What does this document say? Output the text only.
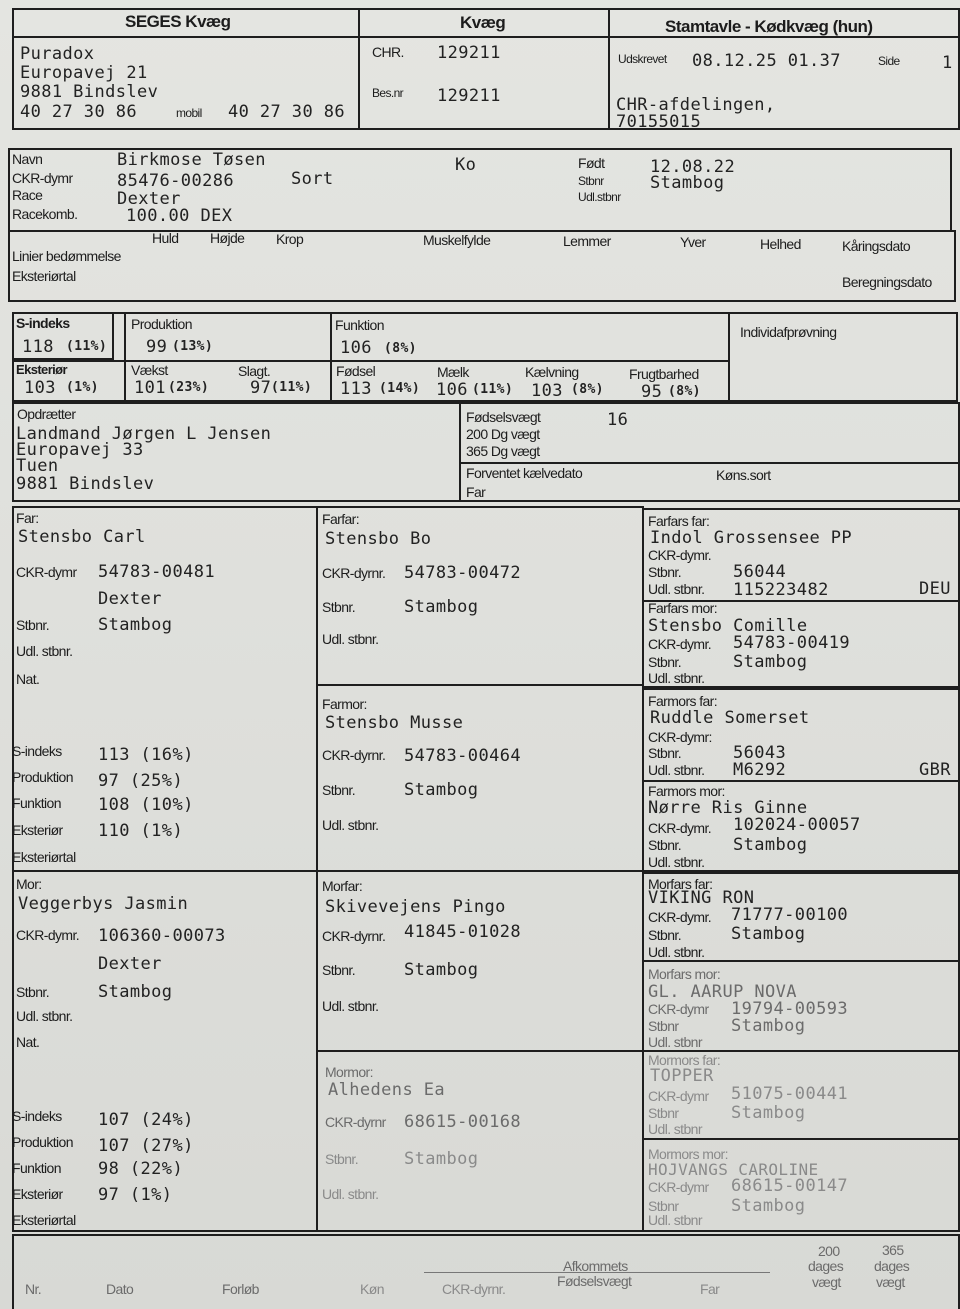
SEGES Kvæg	Kvæg	Stamtavle - Kødkvæg (hun)
Puradox
Europavej 21
9881 Bindslev
40 27 30 86	mobil 40 27 30 86
CHR. 129211
Bes.nr 129211
Udskrevet 08.12.25 01.37	Side 1
CHR-afdelingen,
70155015
Navn	Birkmose Tøsen
CKR-dymr	85476-00286	Sort
Ko
Race	Dexter
Racekomb.	100.00 DEX
Født	12.08.22
Stbnr	Stambog
Udl.stbnr
Huld Højde Krop	Muskelfylde	Lemmer	Yver	Helhed	Kåringsdato
Linier bedømmelse
Eksteriørtal	Beregningsdato
S-indeks
118 (11%)
Produktion
99 (13%)
Funktion
106 (8%)
Individafprøvning
Eksteriør
103 (1%)
Vækst
101 (23%)
Slagt.
97 (11%)
Fødsel
113 (14%)
Mælk
106 (11%)
Kælvning
103 (8%)
Frugtbarhed
95 (8%)
Opdrætter
Landmand Jørgen L Jensen
Europavej 33
Tuen
9881 Bindslev
Fødselsvægt	16
200 Dg vægt
365 Dg vægt
Forventet kælvedato	Køns.sort
Far
Far:
Stensbo Carl
CKR-dymr 54783-00481
Dexter
Stbnr.	Stambog
Udl. stbnr.
Nat.
S-indeks 113 (16%)
Produktion 97 (25%)
Funktion 108 (10%)
Eksteriør 110 (1%)
Eksteriørtal
Mor:
Veggerbys Jasmin
CKR-dymr. 106360-00073
Dexter
Stbnr.	Stambog
Udl. stbnr.
Nat.
S-indeks 107 (24%)
Produktion 107 (27%)
Funktion 98 (22%)
Eksteriør 97 (1%)
Eksteriørtal
Farfar:
Stensbo Bo
CKR-dyrnr. 54783-00472
Stbnr.	Stambog
Udl. stbnr.
Farmor:
Stensbo Musse
CKR-dyrnr. 54783-00464
Stbnr.	Stambog
Udl. stbnr.
Morfar:
Skivevejens Pingo
CKR-dyrnr. 41845-01028
Stbnr.	Stambog
Udl. stbnr.
Mormor:
Alhedens Ea
CKR-dyrnr 68615-00168
Stbnr.	Stambog
Udl. stbnr.
Farfars far:
Indol Grossensee PP
CKR-dymr.
Stbnr.	56044
Udl. stbnr. 115223482	DEU
Farfars mor:
Stensbo Comille
CKR-dymr. 54783-00419
Stbnr.	Stambog
Udl. stbnr.
Farmors far:
Ruddle Somerset
CKR-dymr:
Stbnr.	56043
Udl. stbnr. M6292	GBR
Farmors mor:
Nørre Ris Ginne
CKR-dymr. 102024-00057
Stbnr.	Stambog
Udl. stbnr.
Morfars far:
VIKING RON
CKR-dymr. 71777-00100
Stbnr.	Stambog
Udl. stbnr.
Morfars mor:
GL. AARUP NOVA
CKR-dymr 19794-00593
Stbnr	Stambog
Udl. stbnr
Mormors far:
TOPPER
CKR-dymr 51075-00441
Stbnr	Stambog
Udl. stbnr
Mormors mor:
HOJVANGS CAROLINE
CKR-dymr 68615-00147
Stbnr	Stambog
Udl. stbnr
Afkommets
Nr.	Dato	Forløb	Køn	CKR-dyrnr.	Fødselsvægt	Far
200
dages
vægt
365
dages
vægt
